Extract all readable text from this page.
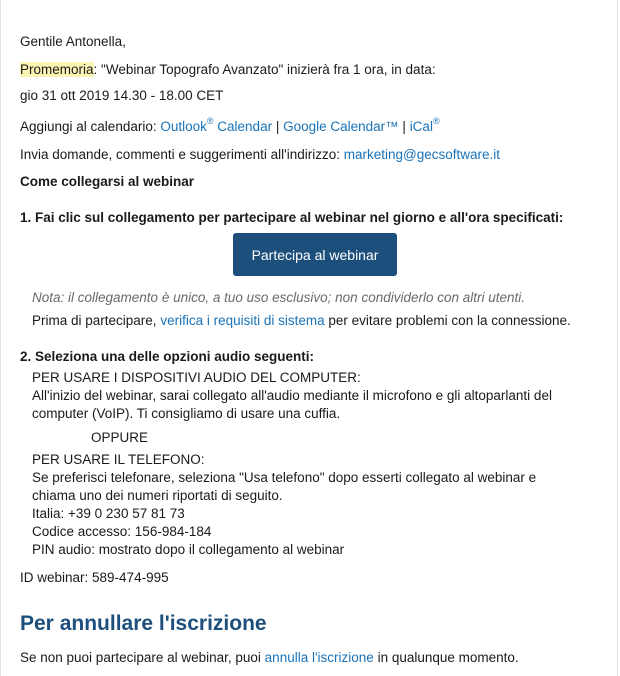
Gentile Antonella,
Promemoria: "Webinar Topografo Avanzato" inizierà fra 1 ora, in data:
gio 31 ott 2019 14.30 - 18.00 CET
Aggiungi al calendario: Outlook® Calendar | Google Calendar™ | iCal®
Invia domande, commenti e suggerimenti all'indirizzo: marketing@gecsoftware.it
Come collegarsi al webinar
1. Fai clic sul collegamento per partecipare al webinar nel giorno e all'ora specificati:
Partecipa al webinar
Nota: il collegamento è unico, a tuo uso esclusivo; non condividerlo con altri utenti.
Prima di partecipare, verifica i requisiti di sistema per evitare problemi con la connessione.
2. Seleziona una delle opzioni audio seguenti:
PER USARE I DISPOSITIVI AUDIO DEL COMPUTER:
All'inizio del webinar, sarai collegato all'audio mediante il microfono e gli altoparlanti del
computer (VoIP). Ti consigliamo di usare una cuffia.
OPPURE
PER USARE IL TELEFONO:
Se preferisci telefonare, seleziona "Usa telefono" dopo esserti collegato al webinar e
chiama uno dei numeri riportati di seguito.
Italia: +39 0 230 57 81 73
Codice accesso: 156-984-184
PIN audio: mostrato dopo il collegamento al webinar
ID webinar: 589-474-995
Per annullare l'iscrizione
Se non puoi partecipare al webinar, puoi annulla l'iscrizione in qualunque momento.
